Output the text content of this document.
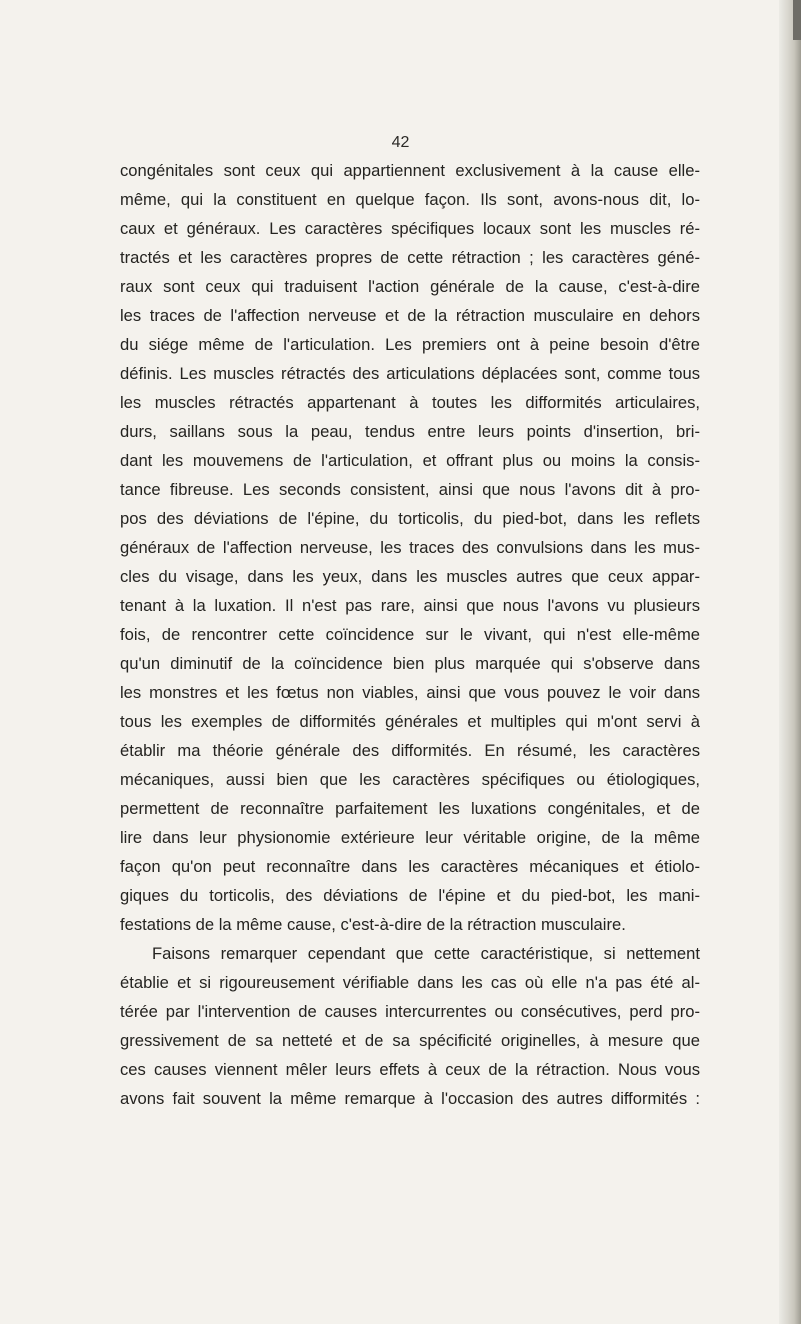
42
congénitales sont ceux qui appartiennent exclusivement à la cause elle-
même, qui la constituent en quelque façon. Ils sont, avons-nous dit, lo-
caux et généraux. Les caractères spécifiques locaux sont les muscles ré-
tractés et les caractères propres de cette rétraction ; les caractères géné-
raux sont ceux qui traduisent l'action générale de la cause, c'est-à-dire
les traces de l'affection nerveuse et de la rétraction musculaire en dehors
du siége même de l'articulation. Les premiers ont à peine besoin d'être
définis. Les muscles rétractés des articulations déplacées sont, comme tous
les muscles rétractés appartenant à toutes les difformités articulaires,
durs, saillans sous la peau, tendus entre leurs points d'insertion, bri-
dant les mouvemens de l'articulation, et offrant plus ou moins la consis-
tance fibreuse. Les seconds consistent, ainsi que nous l'avons dit à pro-
pos des déviations de l'épine, du torticolis, du pied-bot, dans les reflets
généraux de l'affection nerveuse, les traces des convulsions dans les mus-
cles du visage, dans les yeux, dans les muscles autres que ceux appar-
tenant à la luxation. Il n'est pas rare, ainsi que nous l'avons vu plusieurs
fois, de rencontrer cette coïncidence sur le vivant, qui n'est elle-même
qu'un diminutif de la coïncidence bien plus marquée qui s'observe dans
les monstres et les fœtus non viables, ainsi que vous pouvez le voir dans
tous les exemples de difformités générales et multiples qui m'ont servi à
établir ma théorie générale des difformités. En résumé, les caractères
mécaniques, aussi bien que les caractères spécifiques ou étiologiques,
permettent de reconnaître parfaitement les luxations congénitales, et de
lire dans leur physionomie extérieure leur véritable origine, de la même
façon qu'on peut reconnaître dans les caractères mécaniques et étiolo-
giques du torticolis, des déviations de l'épine et du pied-bot, les mani-
festations de la même cause, c'est-à-dire de la rétraction musculaire.
Faisons remarquer cependant que cette caractéristique, si nettement
établie et si rigoureusement vérifiable dans les cas où elle n'a pas été al-
térée par l'intervention de causes intercurrentes ou consécutives, perd pro-
gressivement de sa netteté et de sa spécificité originelles, à mesure que
ces causes viennent mêler leurs effets à ceux de la rétraction. Nous vous
avons fait souvent la même remarque à l'occasion des autres difformités :
